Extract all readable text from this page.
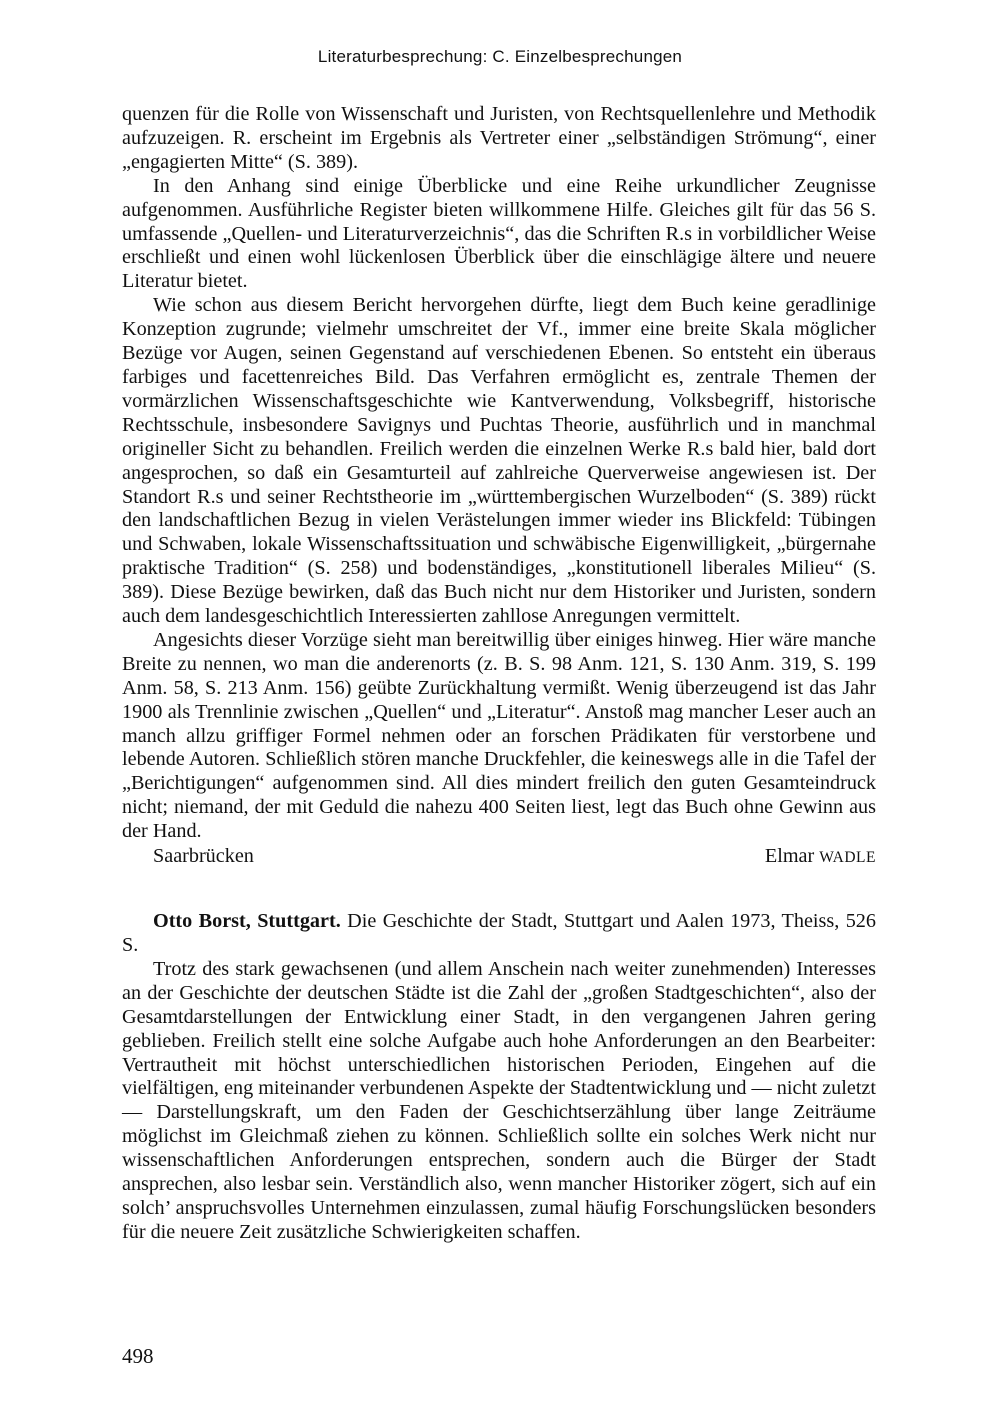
Literaturbesprechung: C. Einzelbesprechungen

quenzen für die Rolle von Wissenschaft und Juristen, von Rechtsquellenlehre und Methodik aufzuzeigen. R. erscheint im Ergebnis als Vertreter einer „selbständigen Strömung“, einer „engagierten Mitte“ (S. 389).

In den Anhang sind einige Überblicke und eine Reihe urkundlicher Zeugnisse aufgenommen. Ausführliche Register bieten willkommene Hilfe. Gleiches gilt für das 56 S. umfassende „Quellen- und Literaturverzeichnis“, das die Schriften R.s in vorbildlicher Weise erschließt und einen wohl lückenlosen Überblick über die einschlägige ältere und neuere Literatur bietet.

Wie schon aus diesem Bericht hervorgehen dürfte, liegt dem Buch keine geradlinige Konzeption zugrunde; vielmehr umschreitet der Vf., immer eine breite Skala möglicher Bezüge vor Augen, seinen Gegenstand auf verschiedenen Ebenen. So entsteht ein überaus farbiges und facettenreiches Bild. Das Verfahren ermöglicht es, zentrale Themen der vormärzlichen Wissenschaftsgeschichte wie Kantverwendung, Volksbegriff, historische Rechtsschule, insbesondere Savignys und Puchtas Theorie, ausführlich und in manchmal origineller Sicht zu behandlen. Freilich werden die einzelnen Werke R.s bald hier, bald dort angesprochen, so daß ein Gesamturteil auf zahlreiche Querverweise angewiesen ist. Der Standort R.s und seiner Rechtstheorie im „württembergischen Wurzelboden“ (S. 389) rückt den landschaftlichen Bezug in vielen Verästelungen immer wieder ins Blickfeld: Tübingen und Schwaben, lokale Wissenschaftssituation und schwäbische Eigenwilligkeit, „bürgernahe praktische Tradition“ (S. 258) und bodenständiges, „konstitutionell liberales Milieu“ (S. 389). Diese Bezüge bewirken, daß das Buch nicht nur dem Historiker und Juristen, sondern auch dem landesgeschichtlich Interessierten zahllose Anregungen vermittelt.

Angesichts dieser Vorzüge sieht man bereitwillig über einiges hinweg. Hier wäre manche Breite zu nennen, wo man die anderenorts (z. B. S. 98 Anm. 121, S. 130 Anm. 319, S. 199 Anm. 58, S. 213 Anm. 156) geübte Zurückhaltung vermißt. Wenig überzeugend ist das Jahr 1900 als Trennlinie zwischen „Quellen“ und „Literatur“. Anstoß mag mancher Leser auch an manch allzu griffiger Formel nehmen oder an forschen Prädikaten für verstorbene und lebende Autoren. Schließlich stören manche Druckfehler, die keineswegs alle in die Tafel der „Berichtigungen“ aufgenommen sind. All dies mindert freilich den guten Gesamteindruck nicht; niemand, der mit Geduld die nahezu 400 Seiten liest, legt das Buch ohne Gewinn aus der Hand.

Saarbrücken	Elmar WADLE

Otto Borst, Stuttgart. Die Geschichte der Stadt, Stuttgart und Aalen 1973, Theiss, 526 S.

Trotz des stark gewachsenen (und allem Anschein nach weiter zunehmenden) Interesses an der Geschichte der deutschen Städte ist die Zahl der „großen Stadtgeschichten“, also der Gesamtdarstellungen der Entwicklung einer Stadt, in den vergangenen Jahren gering geblieben. Freilich stellt eine solche Aufgabe auch hohe Anforderungen an den Bearbeiter: Vertrautheit mit höchst unterschiedlichen historischen Perioden, Eingehen auf die vielfältigen, eng miteinander verbundenen Aspekte der Stadtentwicklung und — nicht zuletzt — Darstellungskraft, um den Faden der Geschichtserzählung über lange Zeiträume möglichst im Gleichmaß ziehen zu können. Schließlich sollte ein solches Werk nicht nur wissenschaftlichen Anforderungen entsprechen, sondern auch die Bürger der Stadt ansprechen, also lesbar sein. Verständlich also, wenn mancher Historiker zögert, sich auf ein solch’ anspruchsvolles Unternehmen einzulassen, zumal häufig Forschungslücken besonders für die neuere Zeit zusätzliche Schwierigkeiten schaffen.

498
